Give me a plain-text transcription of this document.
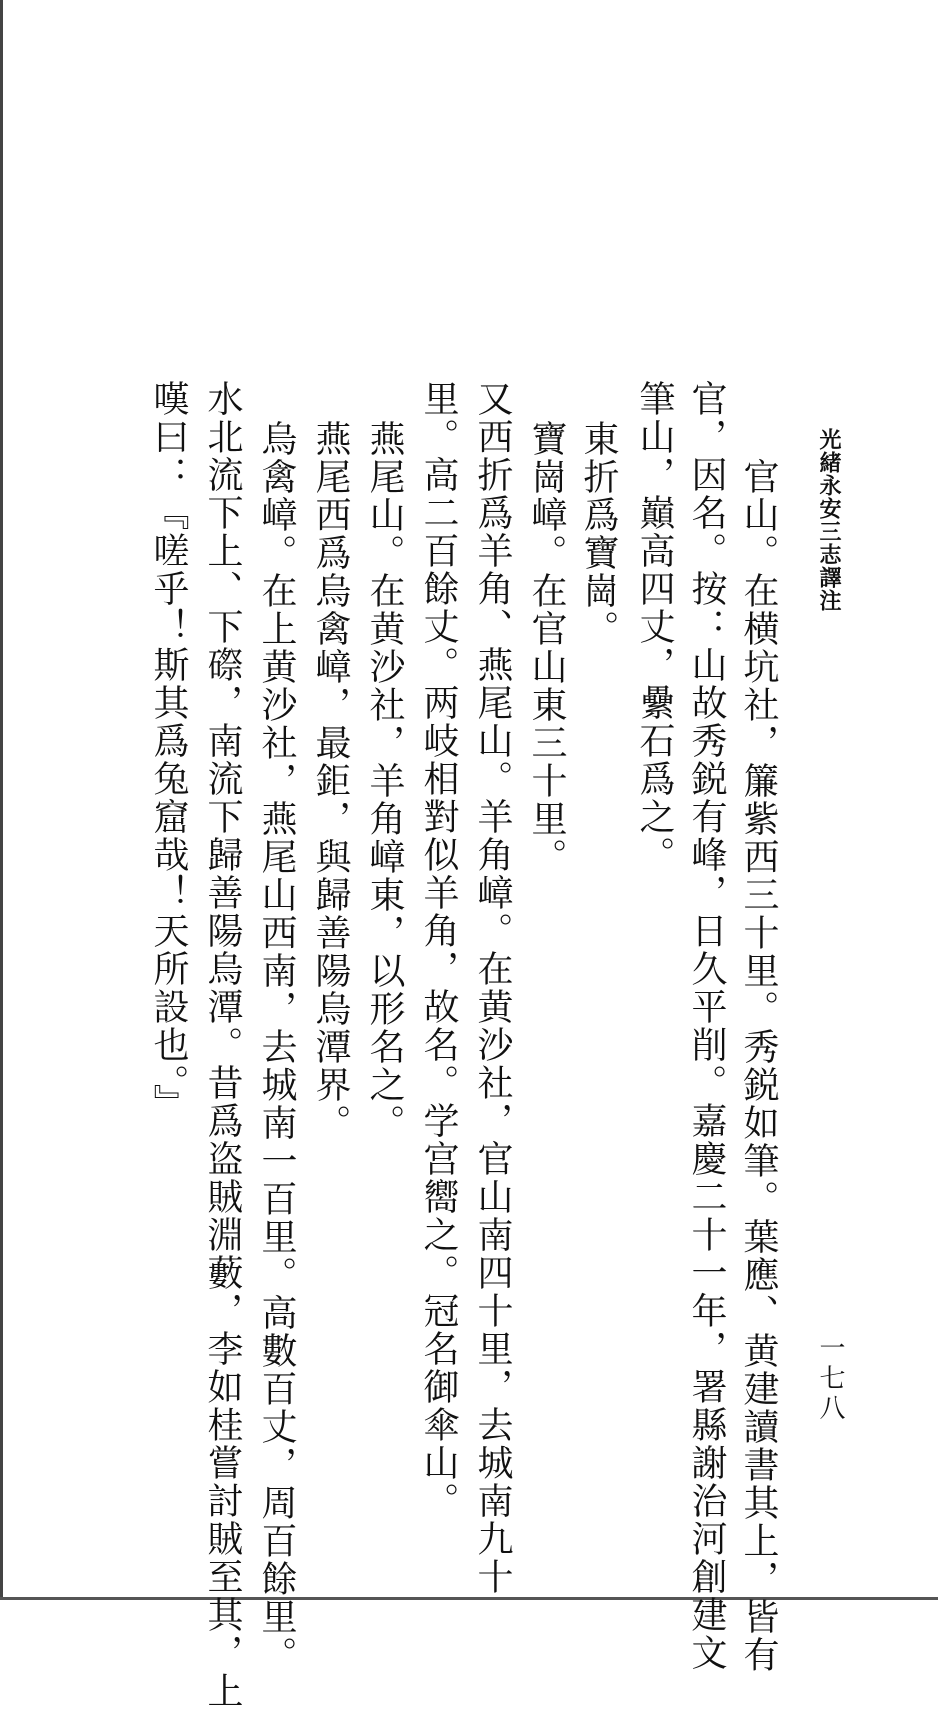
光緒永安三志譯注
一七八
官山。在横坑社，簾紫西三十里。秀鋭如筆。葉應、黄建讀書其上，皆有
官，因名。按：山故秀鋭有峰，日久平削。嘉慶二十一年，署縣謝治河創建文
筆山，巔高四丈，纍石爲之。
東折爲寶崗。
寶崗嶂。在官山東三十里。
又西折爲羊角、燕尾山。羊角嶂。在黄沙社，官山南四十里，去城南九十
里。高二百餘丈。两岐相對似羊角，故名。学宫嚮之。冠名御傘山。
燕尾山。在黄沙社，羊角嶂東，以形名之。
燕尾西爲烏禽嶂，最鉅，與歸善陽烏潭界。
烏禽嶂。在上黄沙社，燕尾山西南，去城南一百里。高數百丈，周百餘里。
水北流下上、下磜，南流下歸善陽烏潭。昔爲盗賊淵藪，李如桂嘗討賊至其，上
嘆曰：『嗟乎！斯其爲兔窟哉！天所設也。』
